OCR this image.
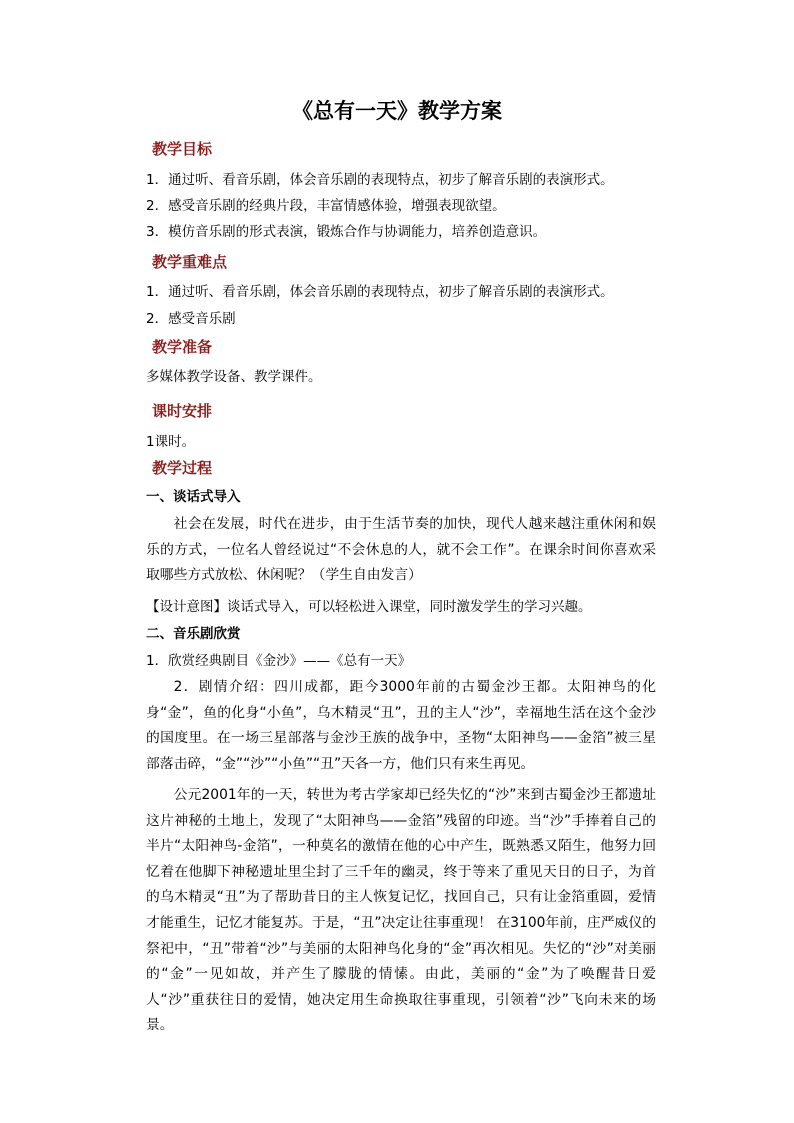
《总有一天》教学方案
教学目标
1．通过听、看音乐剧，体会音乐剧的表现特点，初步了解音乐剧的表演形式。
2．感受音乐剧的经典片段，丰富情感体验，增强表现欲望。
3．模仿音乐剧的形式表演，锻炼合作与协调能力，培养创造意识。
教学重难点
1．通过听、看音乐剧，体会音乐剧的表现特点，初步了解音乐剧的表演形式。
2．感受音乐剧
教学准备
多媒体教学设备、教学课件。
课时安排
1课时。
教学过程
一、谈话式导入
社会在发展，时代在进步，由于生活节奏的加快，现代人越来越注重休闲和娱乐的方式，一位名人曾经说过“不会休息的人，就不会工作”。在课余时间你喜欢采取哪些方式放松、休闲呢？（学生自由发言）
【设计意图】谈话式导入，可以轻松进入课堂，同时激发学生的学习兴趣。
二、音乐剧欣赏
1．欣赏经典剧目《金沙》——《总有一天》
2．剧情介绍：四川成都，距今3000年前的古蜀金沙王都。太阳神鸟的化身“金”，鱼的化身“小鱼”，乌木精灵“丑”，丑的主人“沙”，幸福地生活在这个金沙的国度里。在一场三星部落与金沙王族的战争中，圣物“太阳神鸟——金箔”被三星部落击碎，“金”“沙”“小鱼”“丑”天各一方，他们只有来生再见。
公元2001年的一天，转世为考古学家却已经失忆的“沙”来到古蜀金沙王都遗址这片神秘的土地上，发现了“太阳神鸟——金箔”残留的印迹。当“沙”手捧着自己的半片“太阳神鸟-金箔”，一种莫名的激情在他的心中产生，既熟悉又陌生，他努力回忆着在他脚下神秘遗址里尘封了三千年的幽灵，终于等来了重见天日的日子，为首的乌木精灵“丑”为了帮助昔日的主人恢复记忆，找回自己，只有让金箔重圆，爱情才能重生，记忆才能复苏。于是，“丑”决定让往事重现！ 在3100年前，庄严威仪的祭祀中，“丑”带着“沙”与美丽的太阳神鸟化身的“金”再次相见。失忆的“沙”对美丽的“金”一见如故，并产生了朦胧的情愫。由此，美丽的“金”为了唤醒昔日爱人“沙”重获往日的爱情，她决定用生命换取往事重现，引领着“沙”飞向未来的场景。
